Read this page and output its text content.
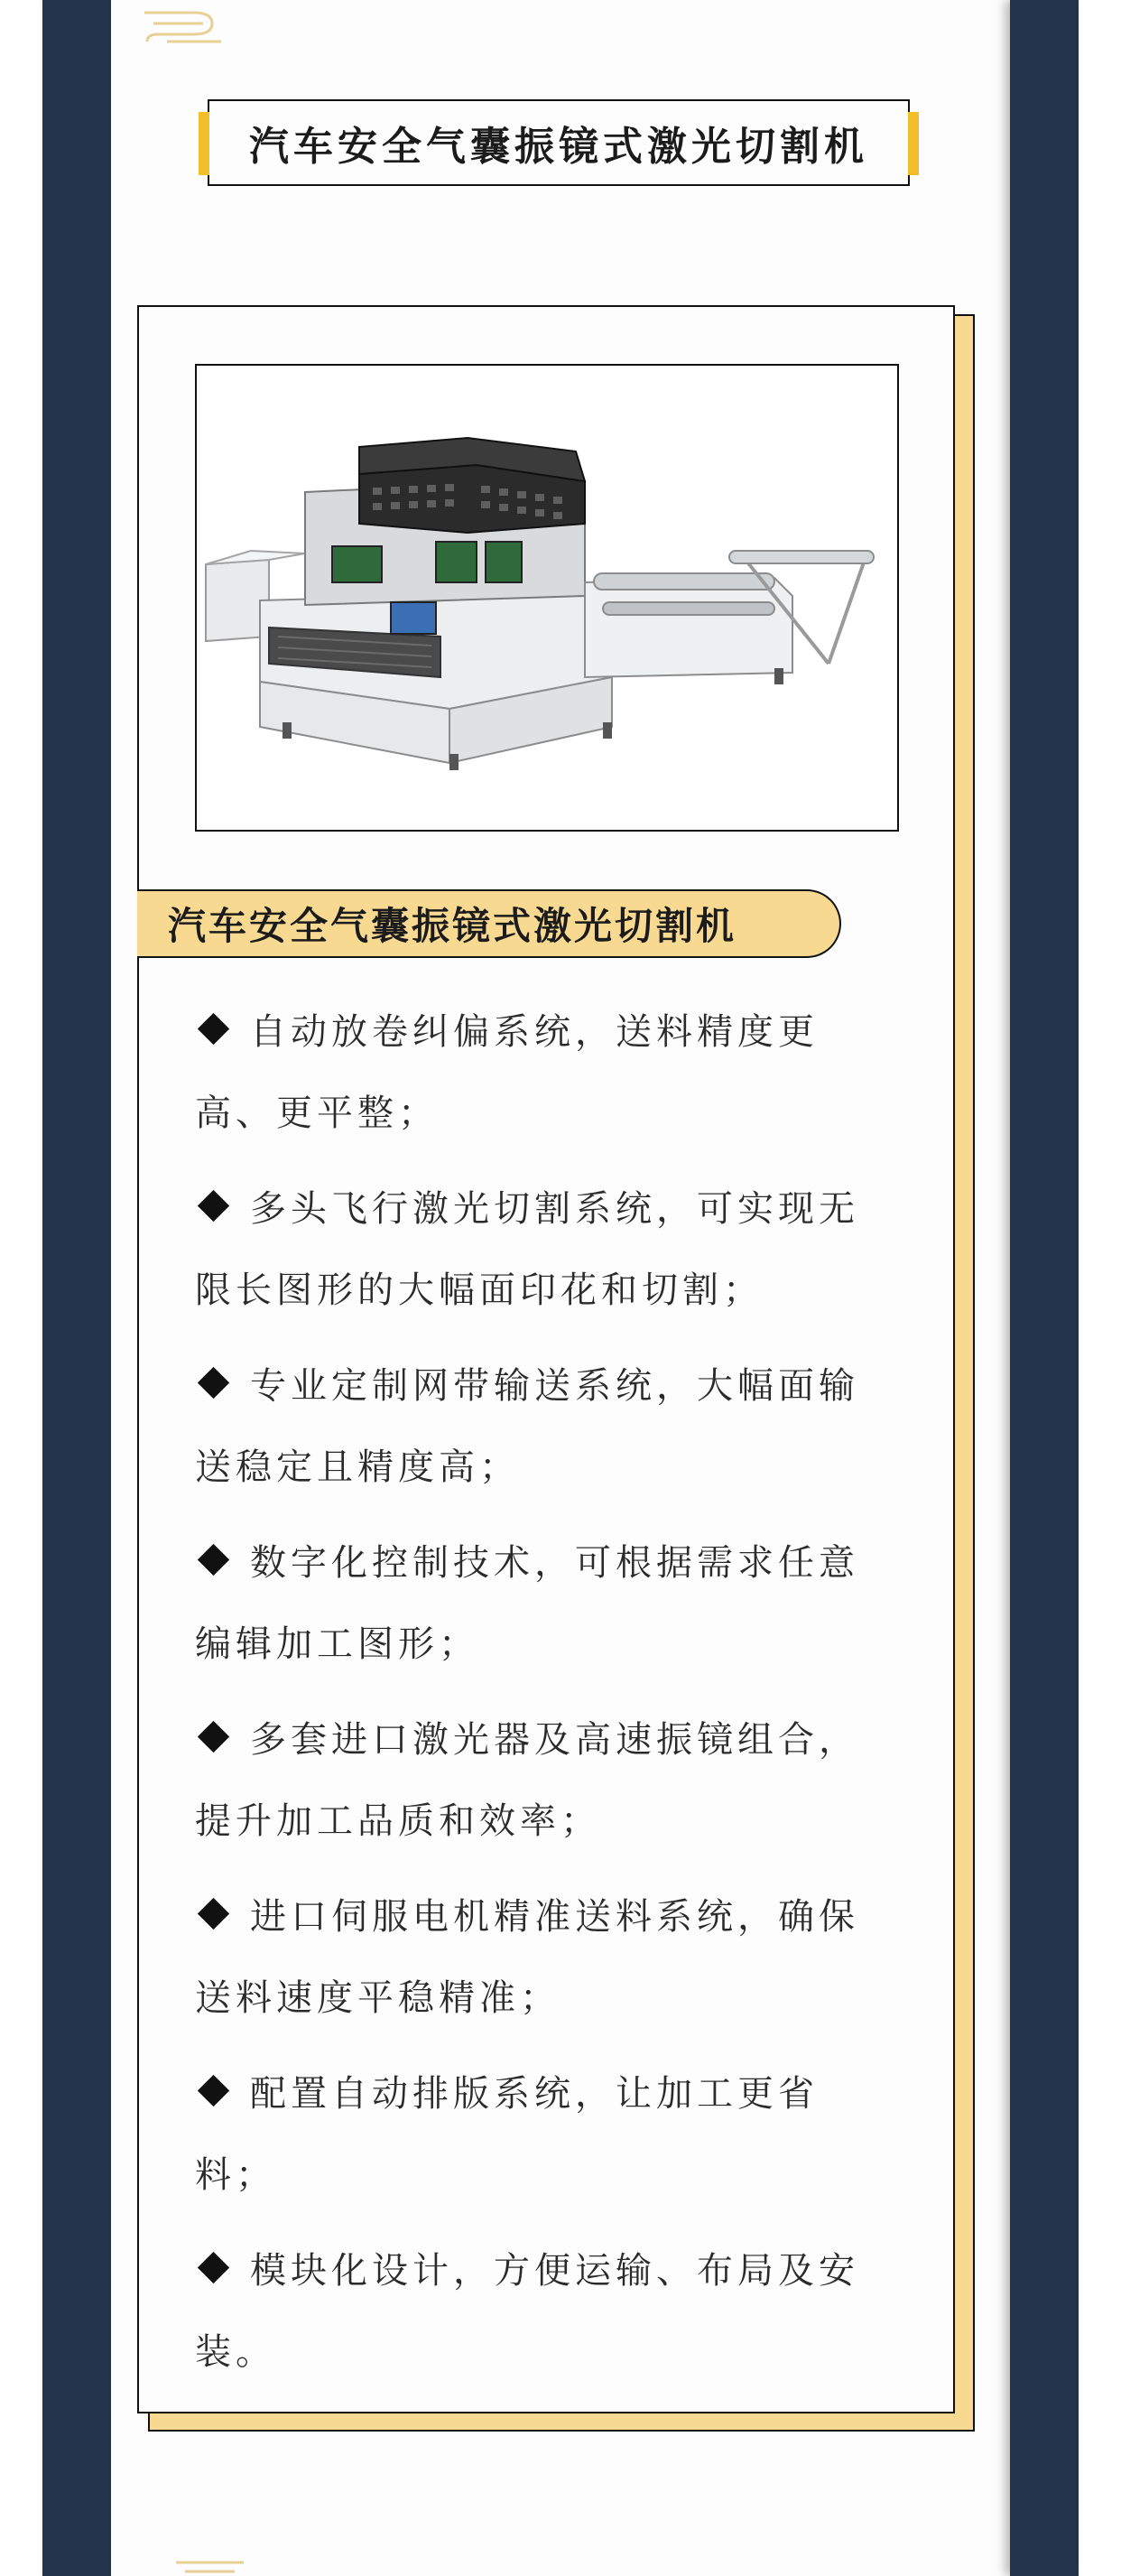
汽车安全气囊振镜式激光切割机
汽车安全气囊振镜式激光切割机
自动放卷纠偏系统，送料精度更高、更平整；
多头飞行激光切割系统，可实现无限长图形的大幅面印花和切割；
专业定制网带输送系统，大幅面输送稳定且精度高；
数字化控制技术，可根据需求任意编辑加工图形；
多套进口激光器及高速振镜组合，提升加工品质和效率；
进口伺服电机精准送料系统，确保送料速度平稳精准；
配置自动排版系统，让加工更省料；
模块化设计，方便运输、布局及安装。
